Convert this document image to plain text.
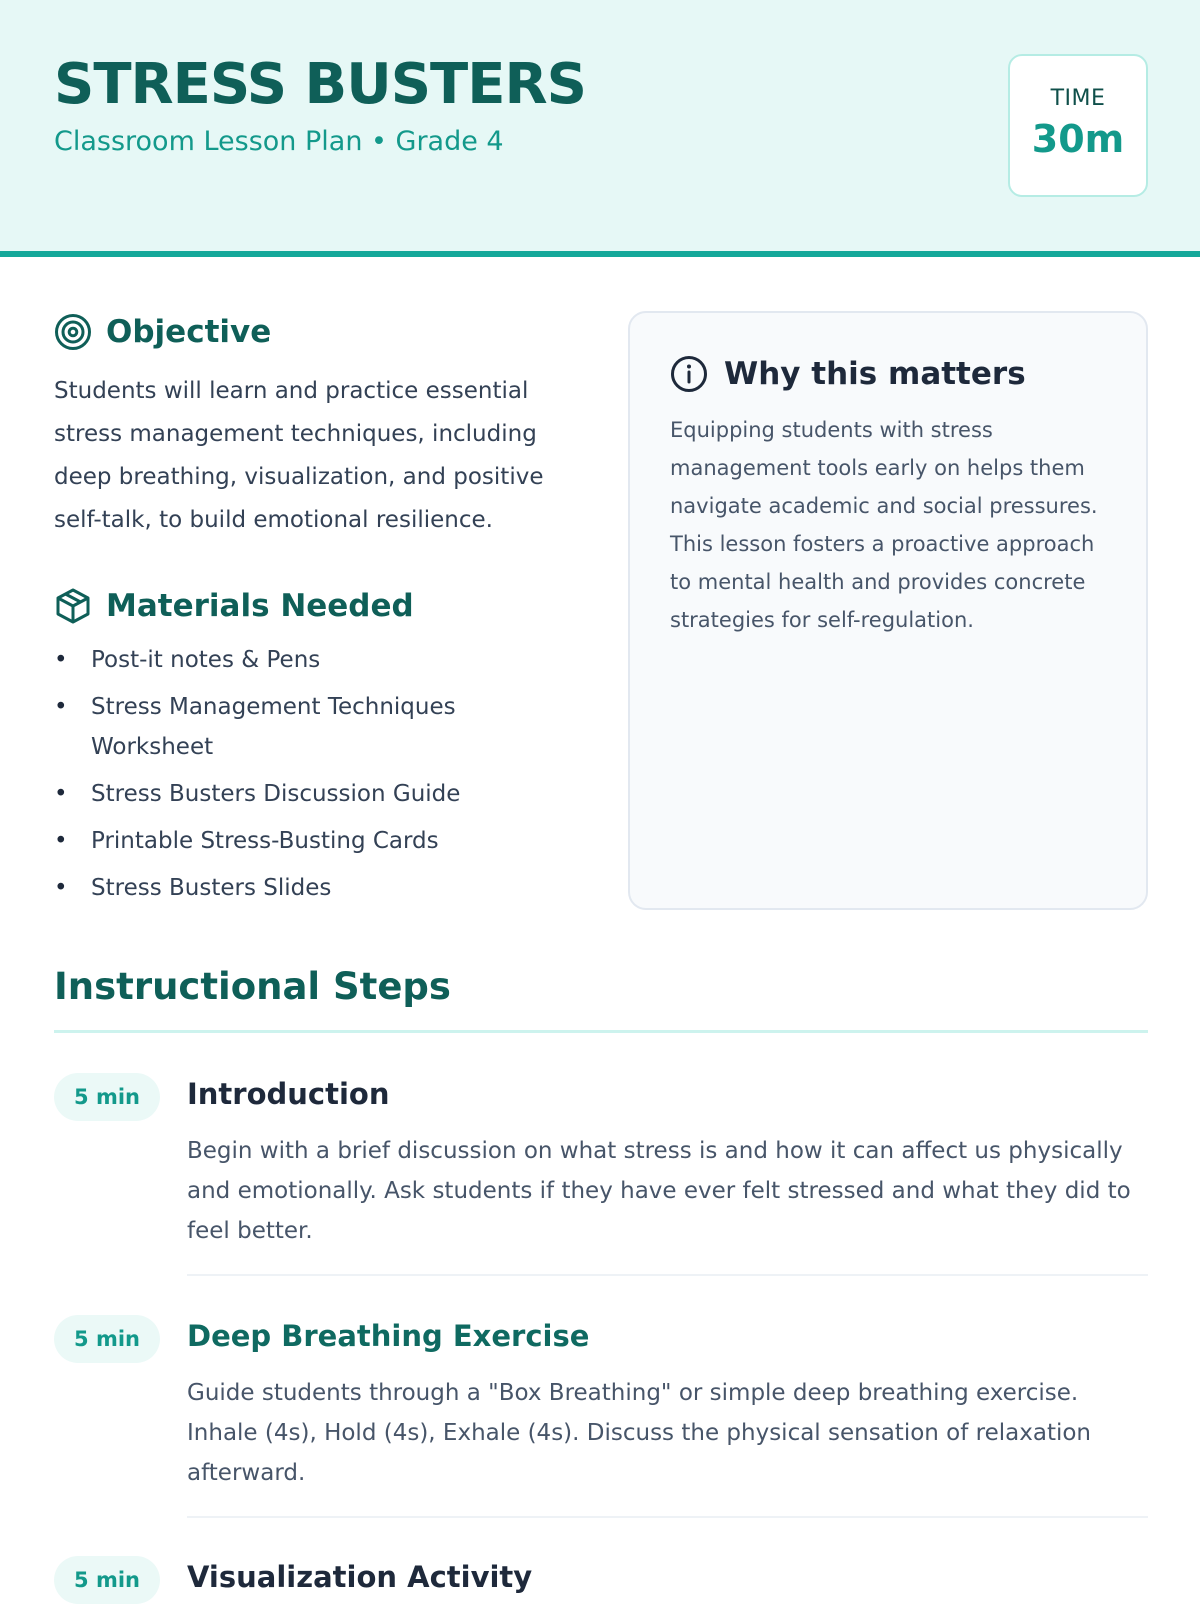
STRESS BUSTERS
Classroom Lesson Plan • Grade 4
TIME
30m
Objective
Students will learn and practice essential stress management techniques, including deep breathing, visualization, and positive self-talk, to build emotional resilience.
Materials Needed
• Post-it notes & Pens
• Stress Management Techniques Worksheet
• Stress Busters Discussion Guide
• Printable Stress-Busting Cards
• Stress Busters Slides
Why this matters
Equipping students with stress management tools early on helps them navigate academic and social pressures. This lesson fosters a proactive approach to mental health and provides concrete strategies for self-regulation.
Instructional Steps
5 min	Introduction
Begin with a brief discussion on what stress is and how it can affect us physically and emotionally. Ask students if they have ever felt stressed and what they did to feel better.
5 min	Deep Breathing Exercise
Guide students through a "Box Breathing" or simple deep breathing exercise. Inhale (4s), Hold (4s), Exhale (4s). Discuss the physical sensation of relaxation afterward.
5 min	Visualization Activity
